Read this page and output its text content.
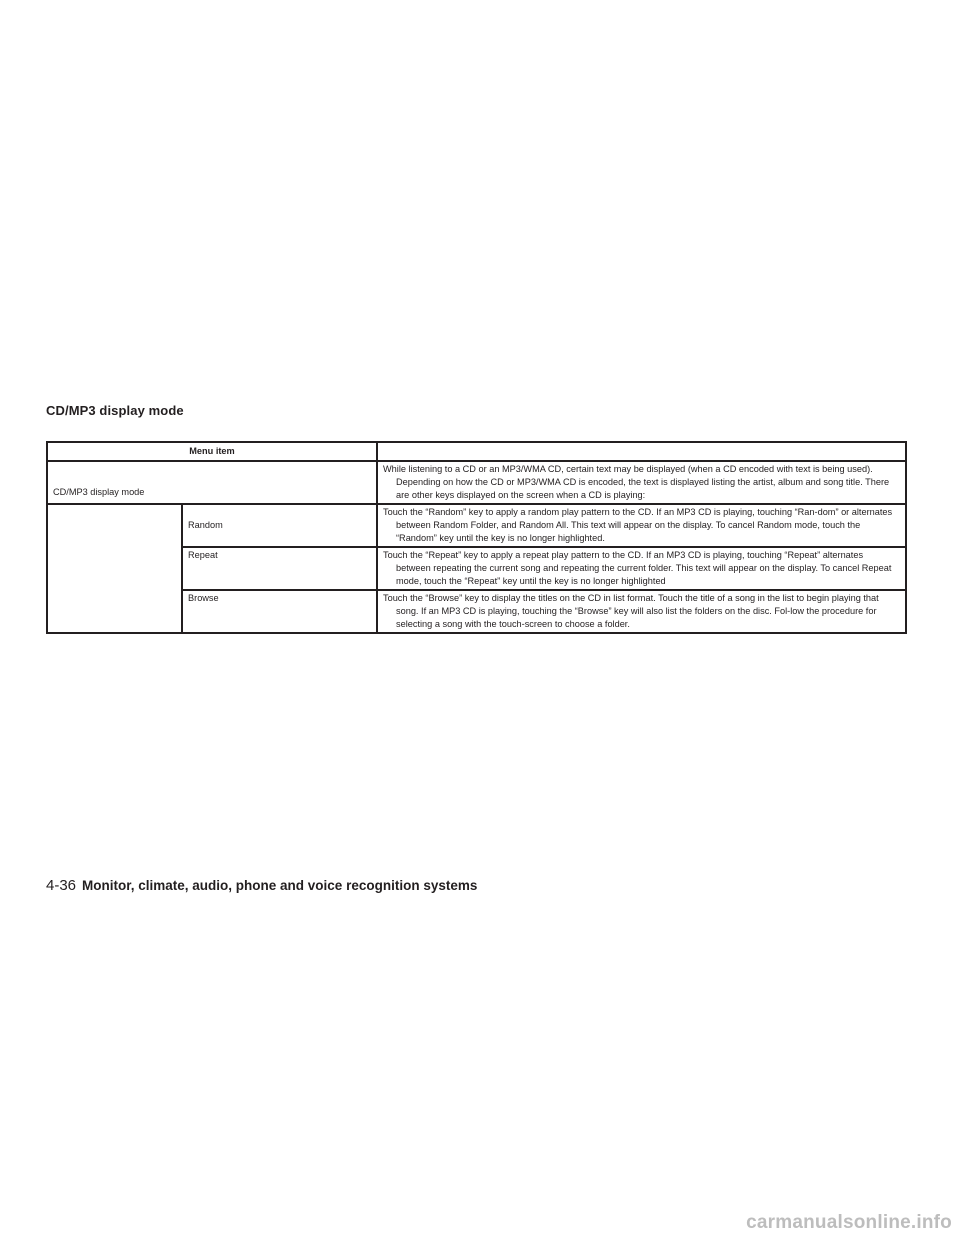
CD/MP3 display mode
Menu item		
CD/MP3 display mode		While listening to a CD or an MP3/WMA CD, certain text may be displayed (when a CD encoded with text is being used). Depending on how the CD or MP3/WMA CD is encoded, the text is displayed listing the artist, album and song title. There are other keys displayed on the screen when a CD is playing:
	Random	Touch the “Random” key to apply a random play pattern to the CD. If an MP3 CD is playing, touching “Ran-dom” or alternates between Random Folder, and Random All. This text will appear on the display. To cancel Random mode, touch the “Random” key until the key is no longer highlighted.
	Repeat	Touch the “Repeat” key to apply a repeat play pattern to the CD. If an MP3 CD is playing, touching “Repeat” alternates between repeating the current song and repeating the current folder. This text will appear on the display. To cancel Repeat mode, touch the “Repeat” key until the key is no longer highlighted
	Browse	Touch the “Browse” key to display the titles on the CD in list format. Touch the title of a song in the list to begin playing that song. If an MP3 CD is playing, touching the “Browse” key will also list the folders on the disc. Fol-low the procedure for selecting a song with the touch-screen to choose a folder.
4-36 Monitor, climate, audio, phone and voice recognition systems
carmanualsonline.info
